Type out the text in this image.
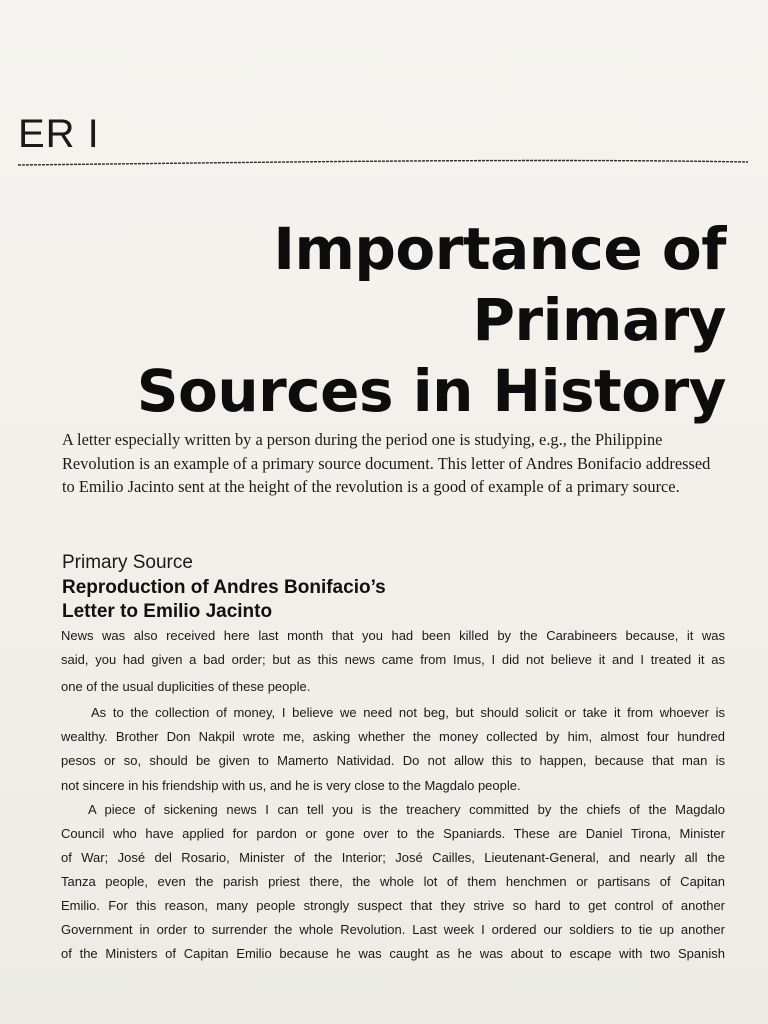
ER I
Importance of Primary
Sources in History

A letter especially written by a person during the period one is studying, e.g., the Philippine Revolution is an example of a primary source document. This letter of Andres Bonifacio addressed to Emilio Jacinto sent at the height of the revolution is a good of example of a primary source.

Primary Source
Reproduction of Andres Bonifacio’s
Letter to Emilio Jacinto
News was also received here last month that you had been killed by the Carabineers because, it was
said, you had given a bad order; but as this news came from Imus, I did not believe it and I treated it as
one of the usual duplicities of these people.
As to the collection of money, I believe we need not beg, but should solicit or take it from whoever is
wealthy. Brother Don Nakpil wrote me, asking whether the money collected by him, almost four hundred
pesos or so, should be given to Mamerto Natividad. Do not allow this to happen, because that man is
not sincere in his friendship with us, and he is very close to the Magdalo people.
A piece of sickening news I can tell you is the treachery committed by the chiefs of the Magdalo
Council who have applied for pardon or gone over to the Spaniards. These are Daniel Tirona, Minister
of War; José del Rosario, Minister of the Interior; José Cailles, Lieutenant-General, and nearly all the
Tanza people, even the parish priest there, the whole lot of them henchmen or partisans of Capitan
Emilio. For this reason, many people strongly suspect that they strive so hard to get control of another
Government in order to surrender the whole Revolution. Last week I ordered our soldiers to tie up another
of the Ministers of Capitan Emilio because he was caught as he was about to escape with two Spanish
